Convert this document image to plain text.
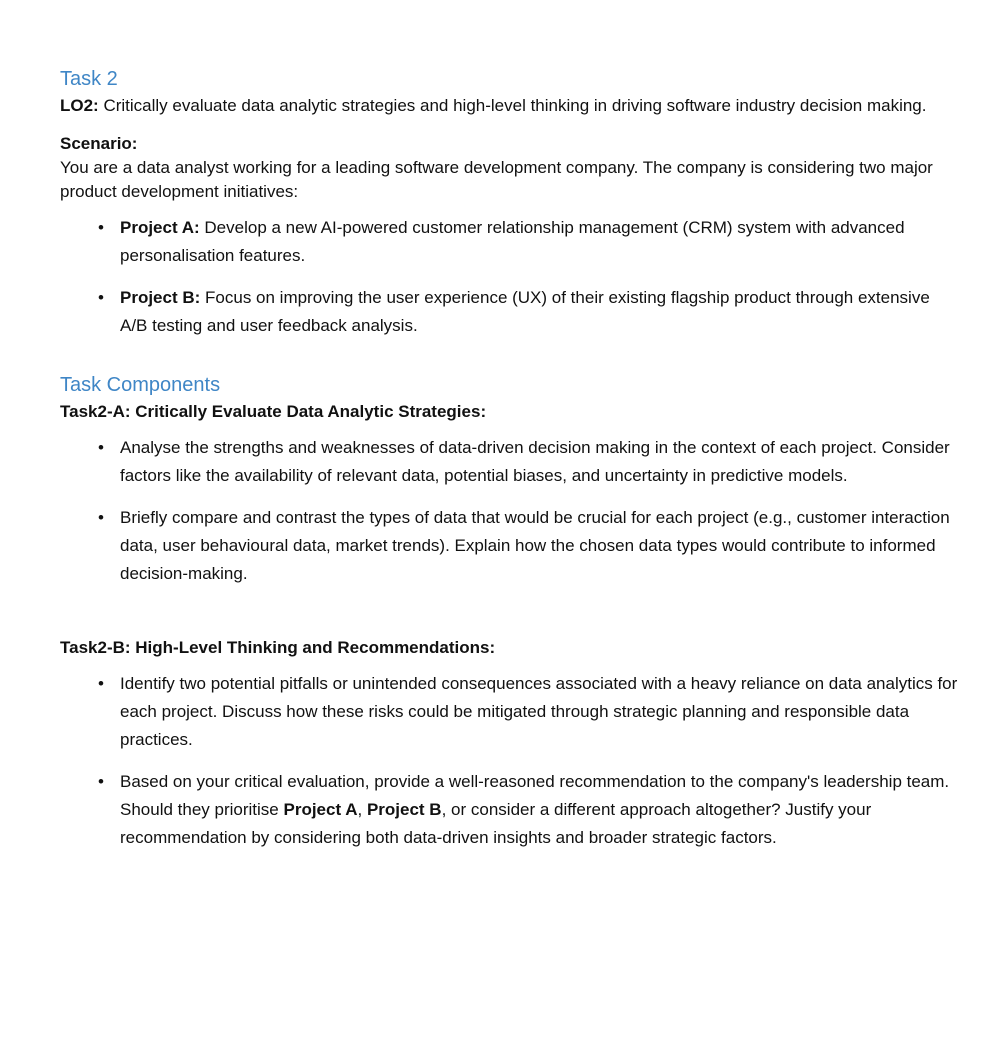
Task 2

LO2: Critically evaluate data analytic strategies and high-level thinking in driving software industry decision making.

Scenario:

You are a data analyst working for a leading software development company. The company is considering two major product development initiatives:

• Project A: Develop a new AI-powered customer relationship management (CRM) system with advanced personalisation features.
• Project B: Focus on improving the user experience (UX) of their existing flagship product through extensive A/B testing and user feedback analysis.
Task Components

Task2-A: Critically Evaluate Data Analytic Strategies:

• Analyse the strengths and weaknesses of data-driven decision making in the context of each project. Consider factors like the availability of relevant data, potential biases, and uncertainty in predictive models.
• Briefly compare and contrast the types of data that would be crucial for each project (e.g., customer interaction data, user behavioural data, market trends). Explain how the chosen data types would contribute to informed decision-making.

Task2-B: High-Level Thinking and Recommendations:

• Identify two potential pitfalls or unintended consequences associated with a heavy reliance on data analytics for each project. Discuss how these risks could be mitigated through strategic planning and responsible data practices.
• Based on your critical evaluation, provide a well-reasoned recommendation to the company's leadership team. Should they prioritise Project A, Project B, or consider a different approach altogether? Justify your recommendation by considering both data-driven insights and broader strategic factors.
